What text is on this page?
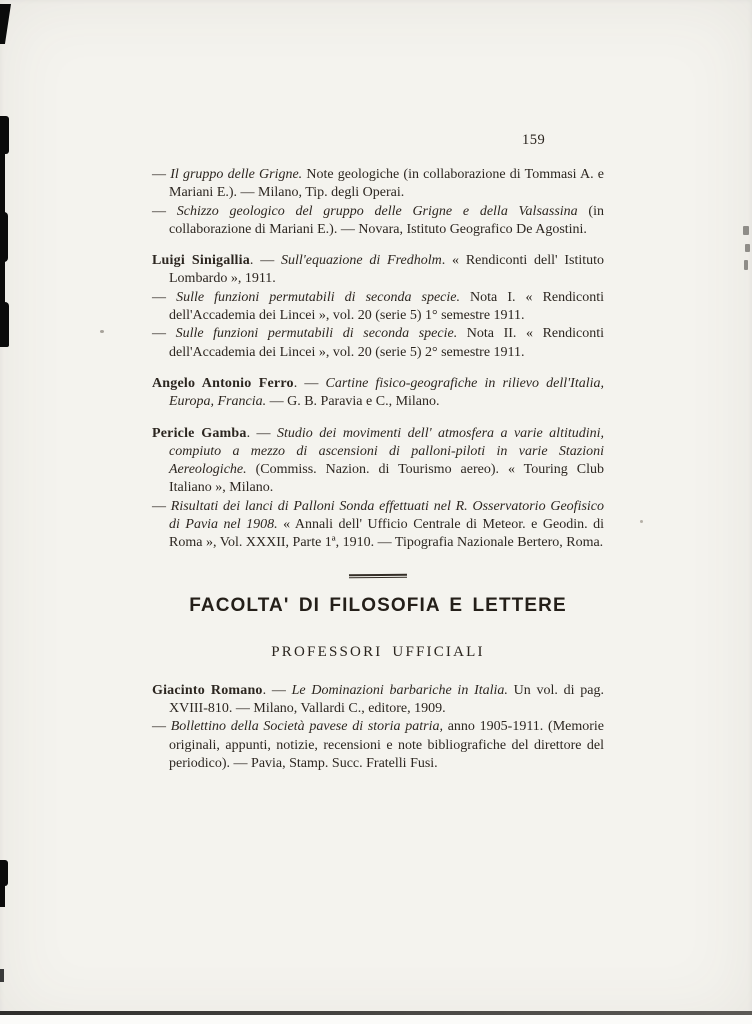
159

— Il gruppo delle Grigne. Note geologiche (in collaborazione di Tommasi A. e Mariani E.). — Milano, Tip. degli Operai.

— Schizzo geologico del gruppo delle Grigne e della Valsassina (in collaborazione di Mariani E.). — Novara, Istituto Geografico De Agostini.

Luigi Sinigallia. — Sull'equazione di Fredholm. « Rendiconti dell' Istituto Lombardo », 1911.

— Sulle funzioni permutabili di seconda specie. Nota I. « Rendiconti dell'Accademia dei Lincei », vol. 20 (serie 5) 1° semestre 1911.

— Sulle funzioni permutabili di seconda specie. Nota II. « Rendiconti dell'Accademia dei Lincei », vol. 20 (serie 5) 2° semestre 1911.

Angelo Antonio Ferro. — Cartine fisico-geografiche in rilievo dell'Italia, Europa, Francia. — G. B. Paravia e C., Milano.

Pericle Gamba. — Studio dei movimenti dell' atmosfera a varie altitudini, compiuto a mezzo di ascensioni di palloni-piloti in varie Stazioni Aereologiche. (Commiss. Nazion. di Tourismo aereo). « Touring Club Italiano », Milano.

— Risultati dei lanci di Palloni Sonda effettuati nel R. Osservatorio Geofisico di Pavia nel 1908. « Annali dell' Ufficio Centrale di Meteor. e Geodin. di Roma », Vol. XXXII, Parte 1ª, 1910. — Tipografia Nazionale Bertero, Roma.

FACOLTA' DI FILOSOFIA E LETTERE
PROFESSORI UFFICIALI

Giacinto Romano. — Le Dominazioni barbariche in Italia. Un vol. di pag. XVIII-810. — Milano, Vallardi C., editore, 1909.

— Bollettino della Società pavese di storia patria, anno 1905-1911. (Memorie originali, appunti, notizie, recensioni e note bibliografiche del direttore del periodico). — Pavia, Stamp. Succ. Fratelli Fusi.
